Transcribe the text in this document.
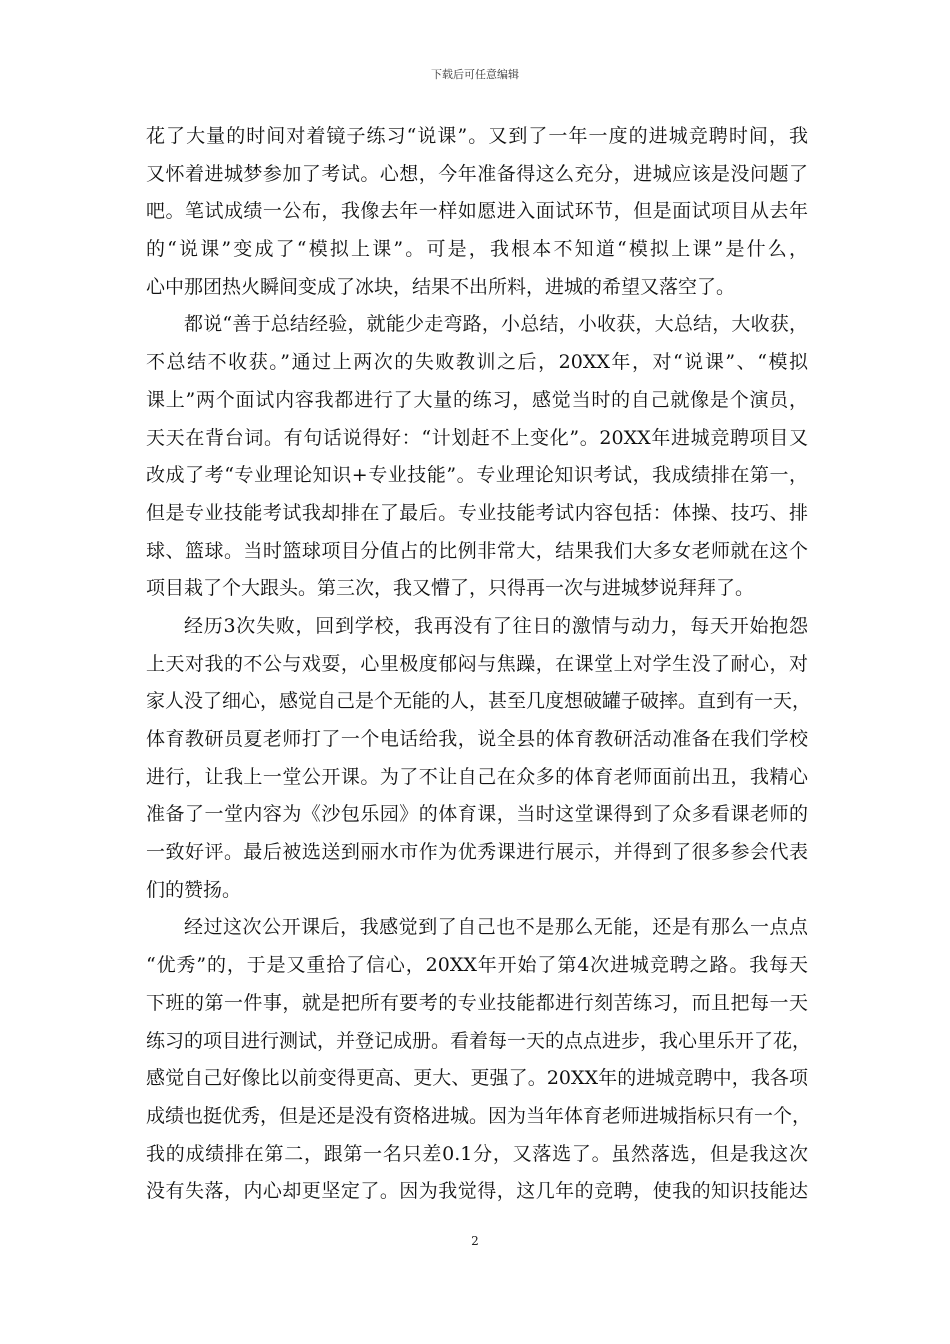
下载后可任意编辑
花了大量的时间对着镜子练习“说课”。又到了一年一度的进城竞聘时间，我
又怀着进城梦参加了考试。心想，今年准备得这么充分，进城应该是没问题了
吧。笔试成绩一公布，我像去年一样如愿进入面试环节，但是面试项目从去年
的“说课”变成了“模拟上课”。可是，我根本不知道“模拟上课”是什么，
心中那团热火瞬间变成了冰块，结果不出所料，进城的希望又落空了。
都说“善于总结经验，就能少走弯路，小总结，小收获，大总结，大收获，
不总结不收获。”通过上两次的失败教训之后，20XX年，对“说课”、“模拟
课上”两个面试内容我都进行了大量的练习，感觉当时的自己就像是个演员，
天天在背台词。有句话说得好：“计划赶不上变化”。20XX年进城竞聘项目又
改成了考“专业理论知识+专业技能”。专业理论知识考试，我成绩排在第一，
但是专业技能考试我却排在了最后。专业技能考试内容包括：体操、技巧、排
球、篮球。当时篮球项目分值占的比例非常大，结果我们大多女老师就在这个
项目栽了个大跟头。第三次，我又懵了，只得再一次与进城梦说拜拜了。
经历3次失败，回到学校，我再没有了往日的激情与动力，每天开始抱怨
上天对我的不公与戏耍，心里极度郁闷与焦躁，在课堂上对学生没了耐心，对
家人没了细心，感觉自己是个无能的人，甚至几度想破罐子破摔。直到有一天，
体育教研员夏老师打了一个电话给我，说全县的体育教研活动准备在我们学校
进行，让我上一堂公开课。为了不让自己在众多的体育老师面前出丑，我精心
准备了一堂内容为《沙包乐园》的体育课，当时这堂课得到了众多看课老师的
一致好评。最后被选送到丽水市作为优秀课进行展示，并得到了很多参会代表
们的赞扬。
经过这次公开课后，我感觉到了自己也不是那么无能，还是有那么一点点
“优秀”的，于是又重拾了信心，20XX年开始了第4次进城竞聘之路。我每天
下班的第一件事，就是把所有要考的专业技能都进行刻苦练习，而且把每一天
练习的项目进行测试，并登记成册。看着每一天的点点进步，我心里乐开了花，
感觉自己好像比以前变得更高、更大、更强了。20XX年的进城竞聘中，我各项
成绩也挺优秀，但是还是没有资格进城。因为当年体育老师进城指标只有一个，
我的成绩排在第二，跟第一名只差0.1分，又落选了。虽然落选，但是我这次
没有失落，内心却更坚定了。因为我觉得，这几年的竞聘，使我的知识技能达
2
